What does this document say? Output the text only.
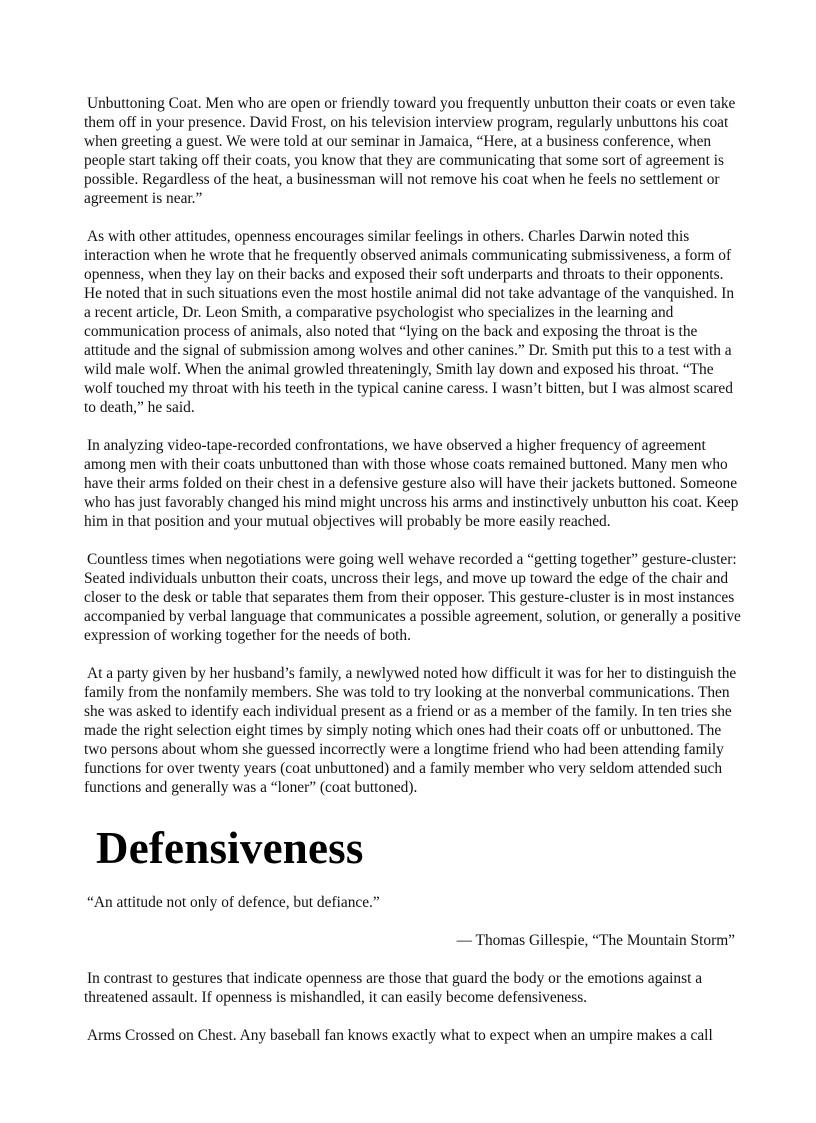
Unbuttoning Coat. Men who are open or friendly toward you frequently unbutton their coats or even take them off in your presence. David Frost, on his television interview program, regularly unbuttons his coat when greeting a guest. We were told at our seminar in Jamaica, “Here, at a business conference, when people start taking off their coats, you know that they are communicating that some sort of agreement is possible. Regardless of the heat, a businessman will not remove his coat when he feels no settlement or agreement is near.”

As with other attitudes, openness encourages similar feelings in others. Charles Darwin noted this interaction when he wrote that he frequently observed animals communicating submissiveness, a form of openness, when they lay on their backs and exposed their soft underparts and throats to their opponents. He noted that in such situations even the most hostile animal did not take advantage of the vanquished. In a recent article, Dr. Leon Smith, a comparative psychologist who specializes in the learning and communication process of animals, also noted that “lying on the back and exposing the throat is the attitude and the signal of submission among wolves and other canines.” Dr. Smith put this to a test with a wild male wolf. When the animal growled threateningly, Smith lay down and exposed his throat. “The wolf touched my throat with his teeth in the typical canine caress. I wasn’t bitten, but I was almost scared to death,” he said.

In analyzing video-tape-recorded confrontations, we have observed a higher frequency of agreement among men with their coats unbuttoned than with those whose coats remained buttoned. Many men who have their arms folded on their chest in a defensive gesture also will have their jackets buttoned. Someone who has just favorably changed his mind might uncross his arms and instinctively unbutton his coat. Keep him in that position and your mutual objectives will probably be more easily reached.

Countless times when negotiations were going well wehave recorded a “getting together” gesture-cluster: Seated individuals unbutton their coats, uncross their legs, and move up toward the edge of the chair and closer to the desk or table that separates them from their opposer. This gesture-cluster is in most instances accompanied by verbal language that communicates a possible agreement, solution, or generally a positive expression of working together for the needs of both.

At a party given by her husband’s family, a newlywed noted how difficult it was for her to distinguish the family from the nonfamily members. She was told to try looking at the nonverbal communications. Then she was asked to identify each individual present as a friend or as a member of the family. In ten tries she made the right selection eight times by simply noting which ones had their coats off or unbuttoned. The two persons about whom she guessed incorrectly were a longtime friend who had been attending family functions for over twenty years (coat unbuttoned) and a family member who very seldom attended such functions and generally was a “loner” (coat buttoned).

Defensiveness

“An attitude not only of defence, but defiance.”

— Thomas Gillespie, “The Mountain Storm”

In contrast to gestures that indicate openness are those that guard the body or the emotions against a threatened assault. If openness is mishandled, it can easily become defensiveness.

Arms Crossed on Chest. Any baseball fan knows exactly what to expect when an umpire makes a call
